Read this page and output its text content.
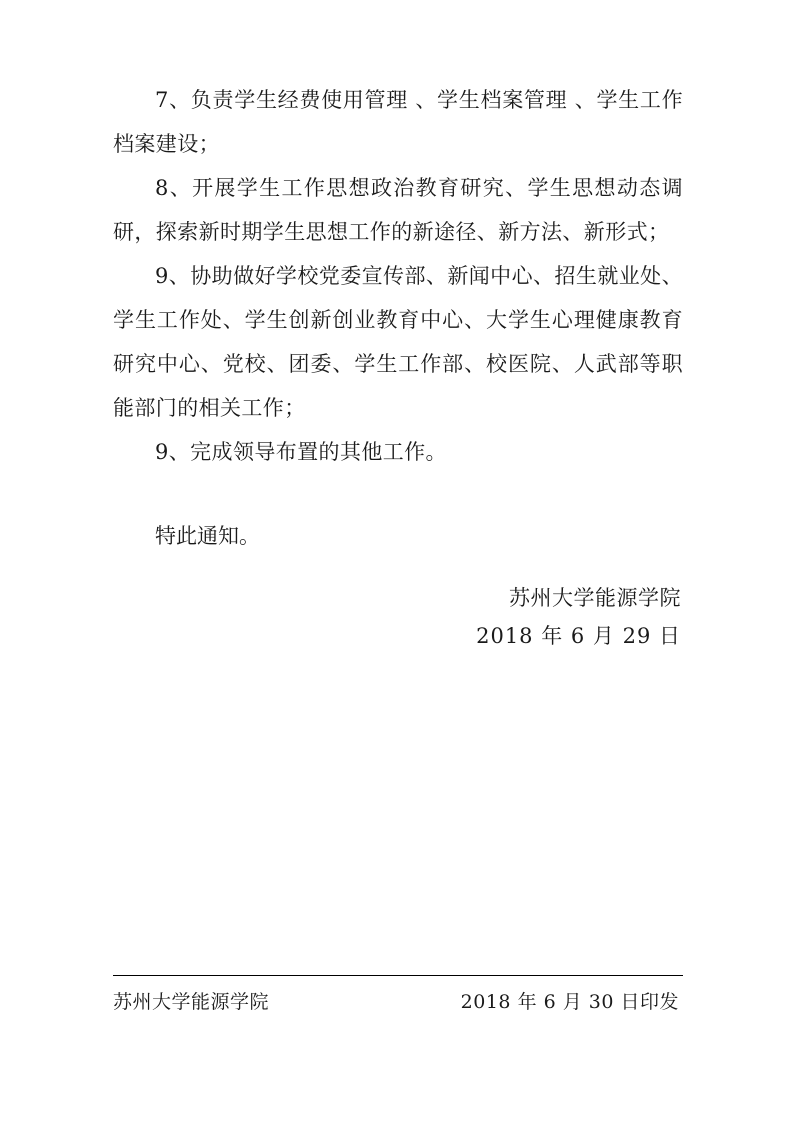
7、负责学生经费使用管理 、学生档案管理 、学生工作档案建设；

8、开展学生工作思想政治教育研究、学生思想动态调研，探索新时期学生思想工作的新途径、新方法、新形式；

9、协助做好学校党委宣传部、新闻中心、招生就业处、学生工作处、学生创新创业教育中心、大学生心理健康教育研究中心、党校、团委、学生工作部、校医院、人武部等职能部门的相关工作；

9、完成领导布置的其他工作。

特此通知。

苏州大学能源学院
2018 年 6 月 29 日
苏州大学能源学院	2018 年 6 月 30 日印发
